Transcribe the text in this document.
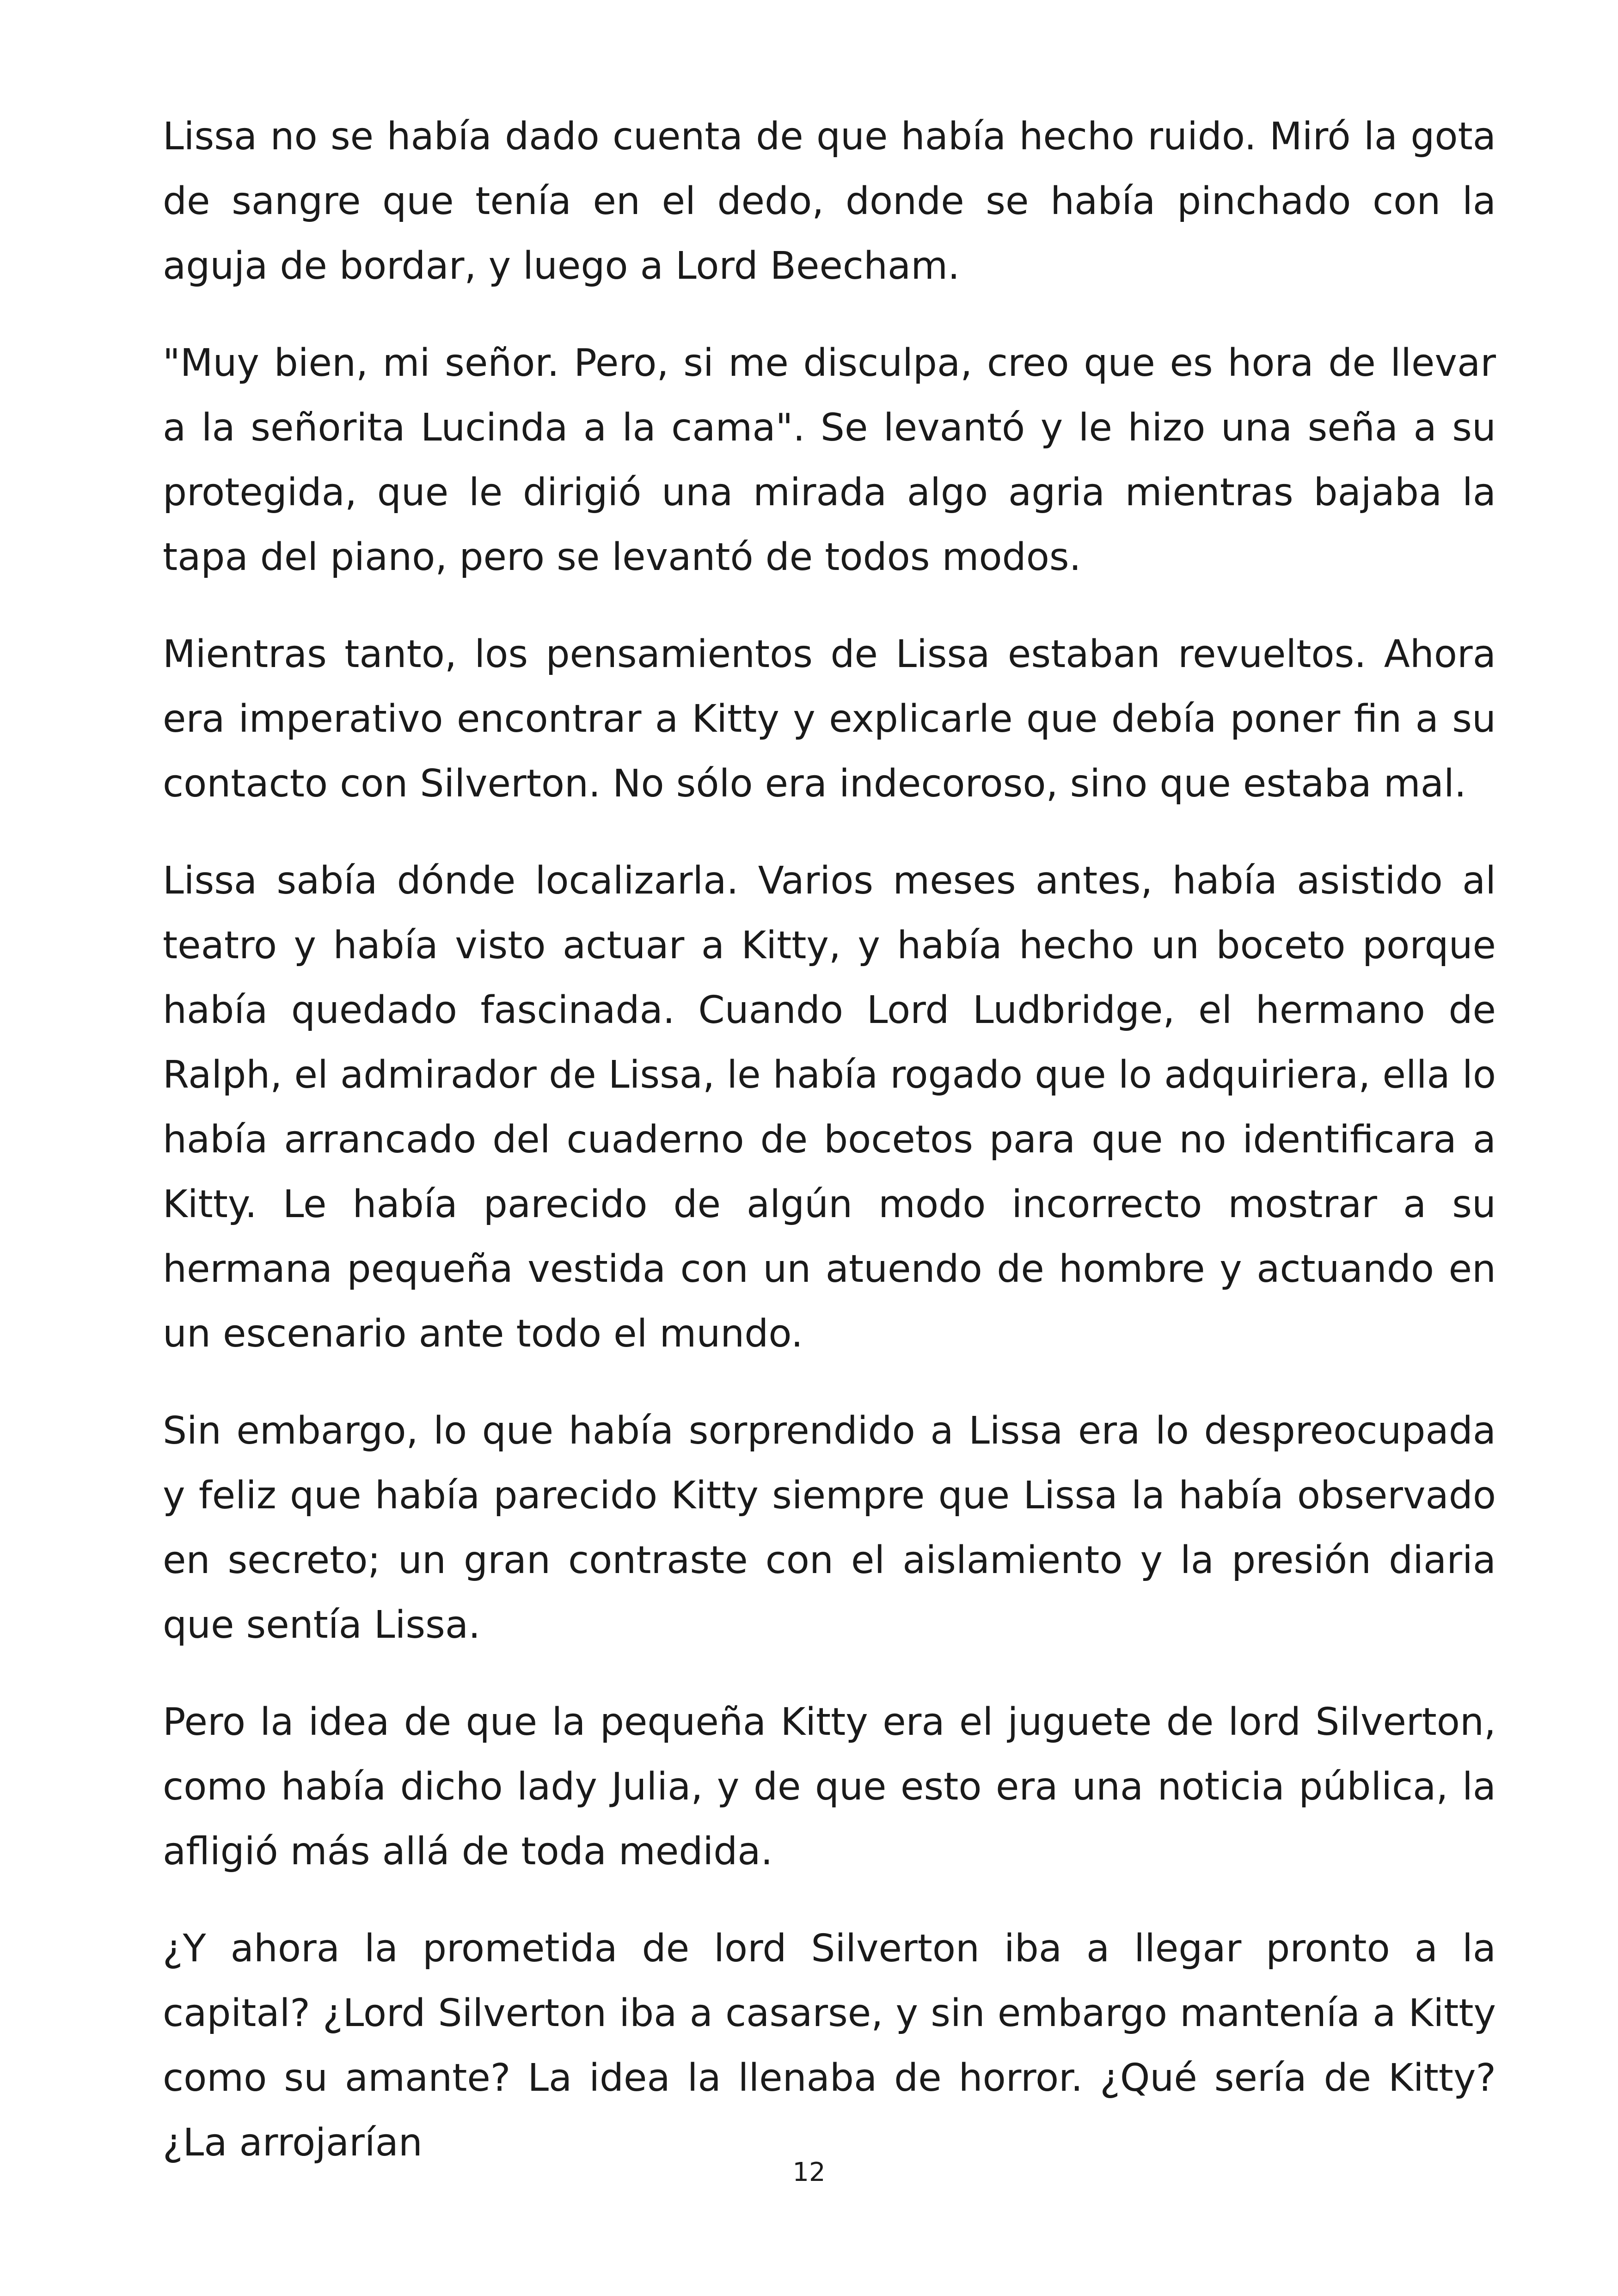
Lissa no se había dado cuenta de que había hecho ruido. Miró la gota de sangre que tenía en el dedo, donde se había pinchado con la aguja de bordar, y luego a Lord Beecham.

"Muy bien, mi señor. Pero, si me disculpa, creo que es hora de llevar a la señorita Lucinda a la cama". Se levantó y le hizo una seña a su protegida, que le dirigió una mirada algo agria mientras bajaba la tapa del piano, pero se levantó de todos modos.

Mientras tanto, los pensamientos de Lissa estaban revueltos. Ahora era imperativo encontrar a Kitty y explicarle que debía poner fin a su contacto con Silverton. No sólo era indecoroso, sino que estaba mal.

Lissa sabía dónde localizarla. Varios meses antes, había asistido al teatro y había visto actuar a Kitty, y había hecho un boceto porque había quedado fascinada. Cuando Lord Ludbridge, el hermano de Ralph, el admirador de Lissa, le había rogado que lo adquiriera, ella lo había arrancado del cuaderno de bocetos para que no identificara a Kitty. Le había parecido de algún modo incorrecto mostrar a su hermana pequeña vestida con un atuendo de hombre y actuando en un escenario ante todo el mundo.

Sin embargo, lo que había sorprendido a Lissa era lo despreocupada y feliz que había parecido Kitty siempre que Lissa la había observado en secreto; un gran contraste con el aislamiento y la presión diaria que sentía Lissa.

Pero la idea de que la pequeña Kitty era el juguete de lord Silverton, como había dicho lady Julia, y de que esto era una noticia pública, la afligió más allá de toda medida.

¿Y ahora la prometida de lord Silverton iba a llegar pronto a la capital? ¿Lord Silverton iba a casarse, y sin embargo mantenía a Kitty como su amante? La idea la llenaba de horror. ¿Qué sería de Kitty? ¿La arrojarían

12
